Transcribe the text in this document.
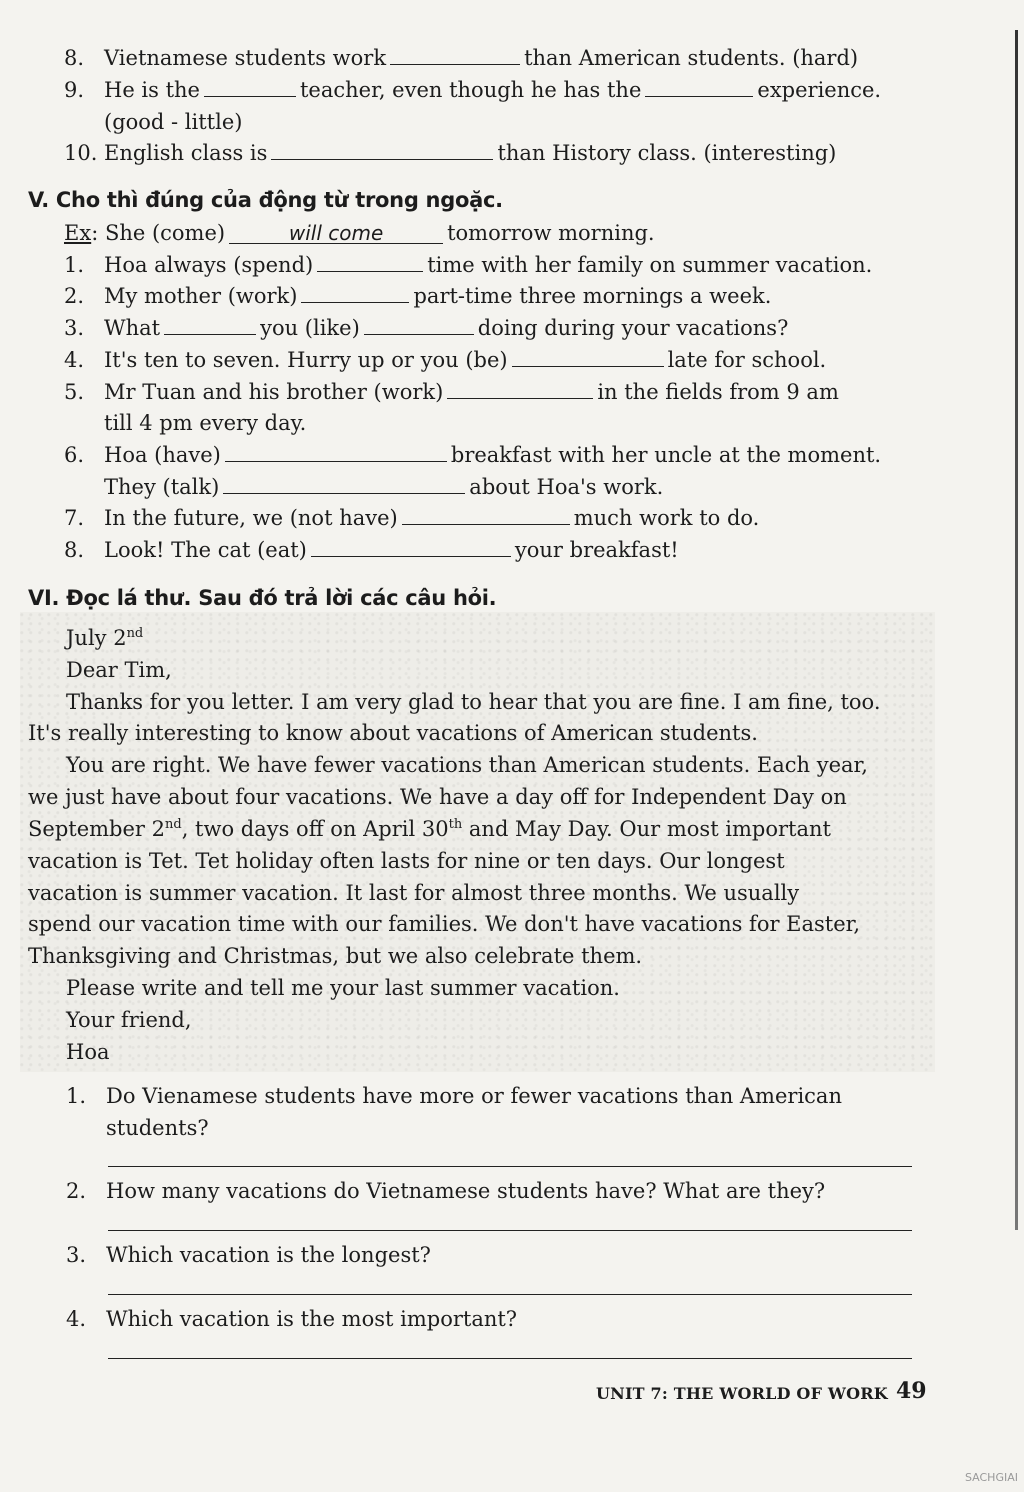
8. Vietnamese students work	than American students. (hard)
9. He is the	teacher, even though he has the	experience.
(good - little)
10. English class is	than History class. (interesting)
V. Cho thì đúng của động từ trong ngoặc.
Ex: She (come)	will come	tomorrow morning.
1. Hoa always (spend)	time with her family on summer vacation.
2. My mother (work)	part-time three mornings a week.
3. What	you (like)	doing during your vacations?
4. It's ten to seven. Hurry up or you (be)	late for school.
5. Mr Tuan and his brother (work)	in the fields from 9 am
till 4 pm every day.
6. Hoa (have)	breakfast with her uncle at the moment.
They (talk)	about Hoa's work.
7. In the future, we (not have)	much work to do.
8. Look! The cat (eat)	your breakfast!
VI. Đọc lá thư. Sau đó trả lời các câu hỏi.
July 2nd
Dear Tim,
Thanks for you letter. I am very glad to hear that you are fine. I am fine, too.
It's really interesting to know about vacations of American students.
You are right. We have fewer vacations than American students. Each year,
we just have about four vacations. We have a day off for Independent Day on
September 2nd, two days off on April 30th and May Day. Our most important
vacation is Tet. Tet holiday often lasts for nine or ten days. Our longest
vacation is summer vacation. It last for almost three months. We usually
spend our vacation time with our families. We don't have vacations for Easter,
Thanksgiving and Christmas, but we also celebrate them.
Please write and tell me your last summer vacation.
Your friend,
Hoa
1. Do Vienamese students have more or fewer vacations than American
students?
2. How many vacations do Vietnamese students have? What are they?
3. Which vacation is the longest?
4. Which vacation is the most important?
UNIT 7: THE WORLD OF WORK 49
SACHGIAI
